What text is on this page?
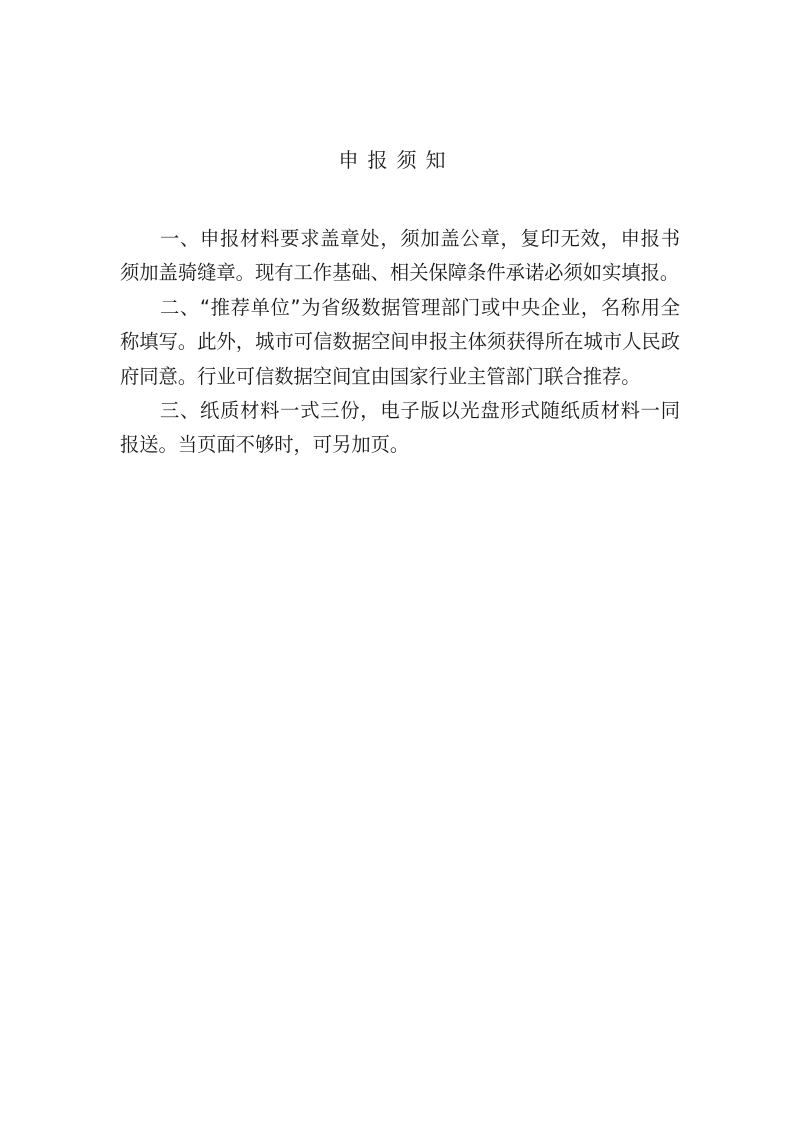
申报须知

一、申报材料要求盖章处，须加盖公章，复印无效，申报书须加盖骑缝章。现有工作基础、相关保障条件承诺必须如实填报。

二、“推荐单位”为省级数据管理部门或中央企业，名称用全称填写。此外，城市可信数据空间申报主体须获得所在城市人民政府同意。行业可信数据空间宜由国家行业主管部门联合推荐。

三、纸质材料一式三份，电子版以光盘形式随纸质材料一同报送。当页面不够时，可另加页。
